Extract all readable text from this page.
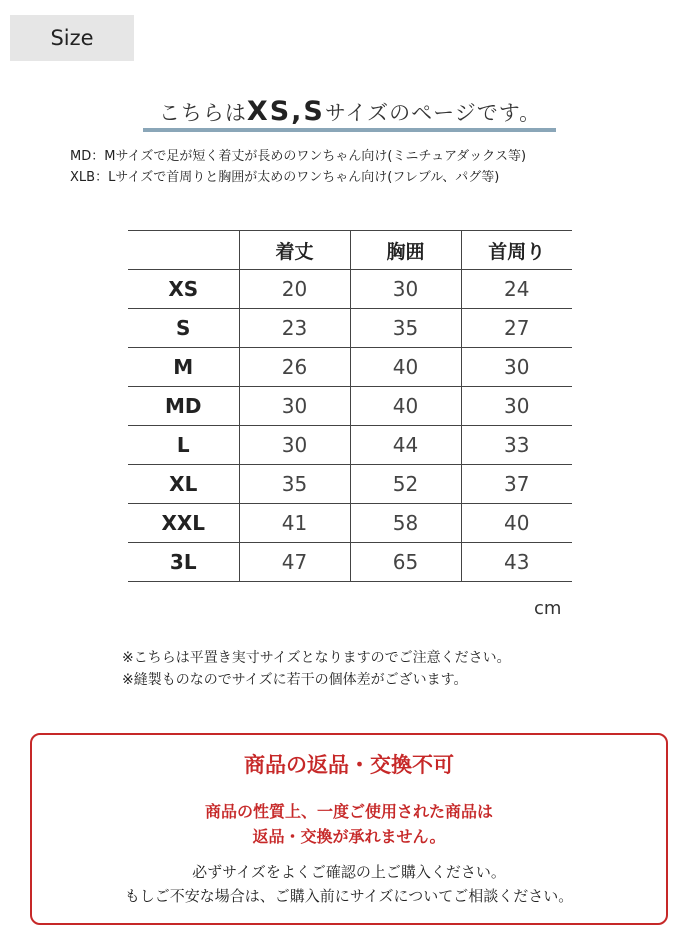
Size
こちらはXS,Sサイズのページです。
MD：Mサイズで足が短く着丈が長めのワンちゃん向け(ミニチュアダックス等)
XLB：Lサイズで首周りと胸囲が太めのワンちゃん向け(フレブル、パグ等)
	着丈	胸囲	首周り
XS	20	30	24
S	23	35	27
M	26	40	30
MD	30	40	30
L	30	44	33
XL	35	52	37
XXL	41	58	40
3L	47	65	43
cm
※こちらは平置き実寸サイズとなりますのでご注意ください。
※縫製ものなのでサイズに若干の個体差がございます。
商品の返品・交換不可
商品の性質上、一度ご使用された商品は
返品・交換が承れません。
必ずサイズをよくご確認の上ご購入ください。
もしご不安な場合は、ご購入前にサイズについてご相談ください。
